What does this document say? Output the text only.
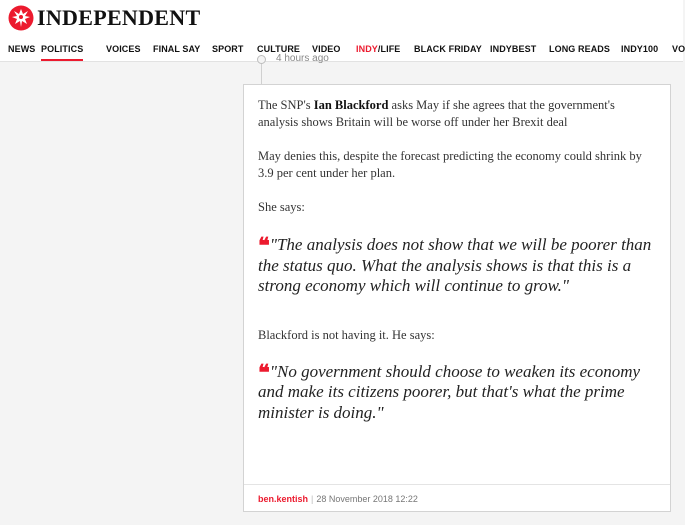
INDEPENDENT
NEWS POLITICS	VOICES FINAL SAY SPORT CULTURE VIDEO INDY/LIFE BLACK FRIDAY INDYBEST LONG READS INDY100 VO
4 hours ago

The SNP's Ian Blackford asks May if she agrees that the government's analysis shows Britain will be worse off under her Brexit deal

May denies this, despite the forecast predicting the economy could shrink by 3.9 per cent under her plan.

She says:

❝ "The analysis does not show that we will be poorer than the status quo. What the analysis shows is that this is a strong economy which will continue to grow."

Blackford is not having it. He says:

❝ "No government should choose to weaken its economy and make its citizens poorer, but that's what the prime minister is doing."
ben.kentish | 28 November 2018 12:22
